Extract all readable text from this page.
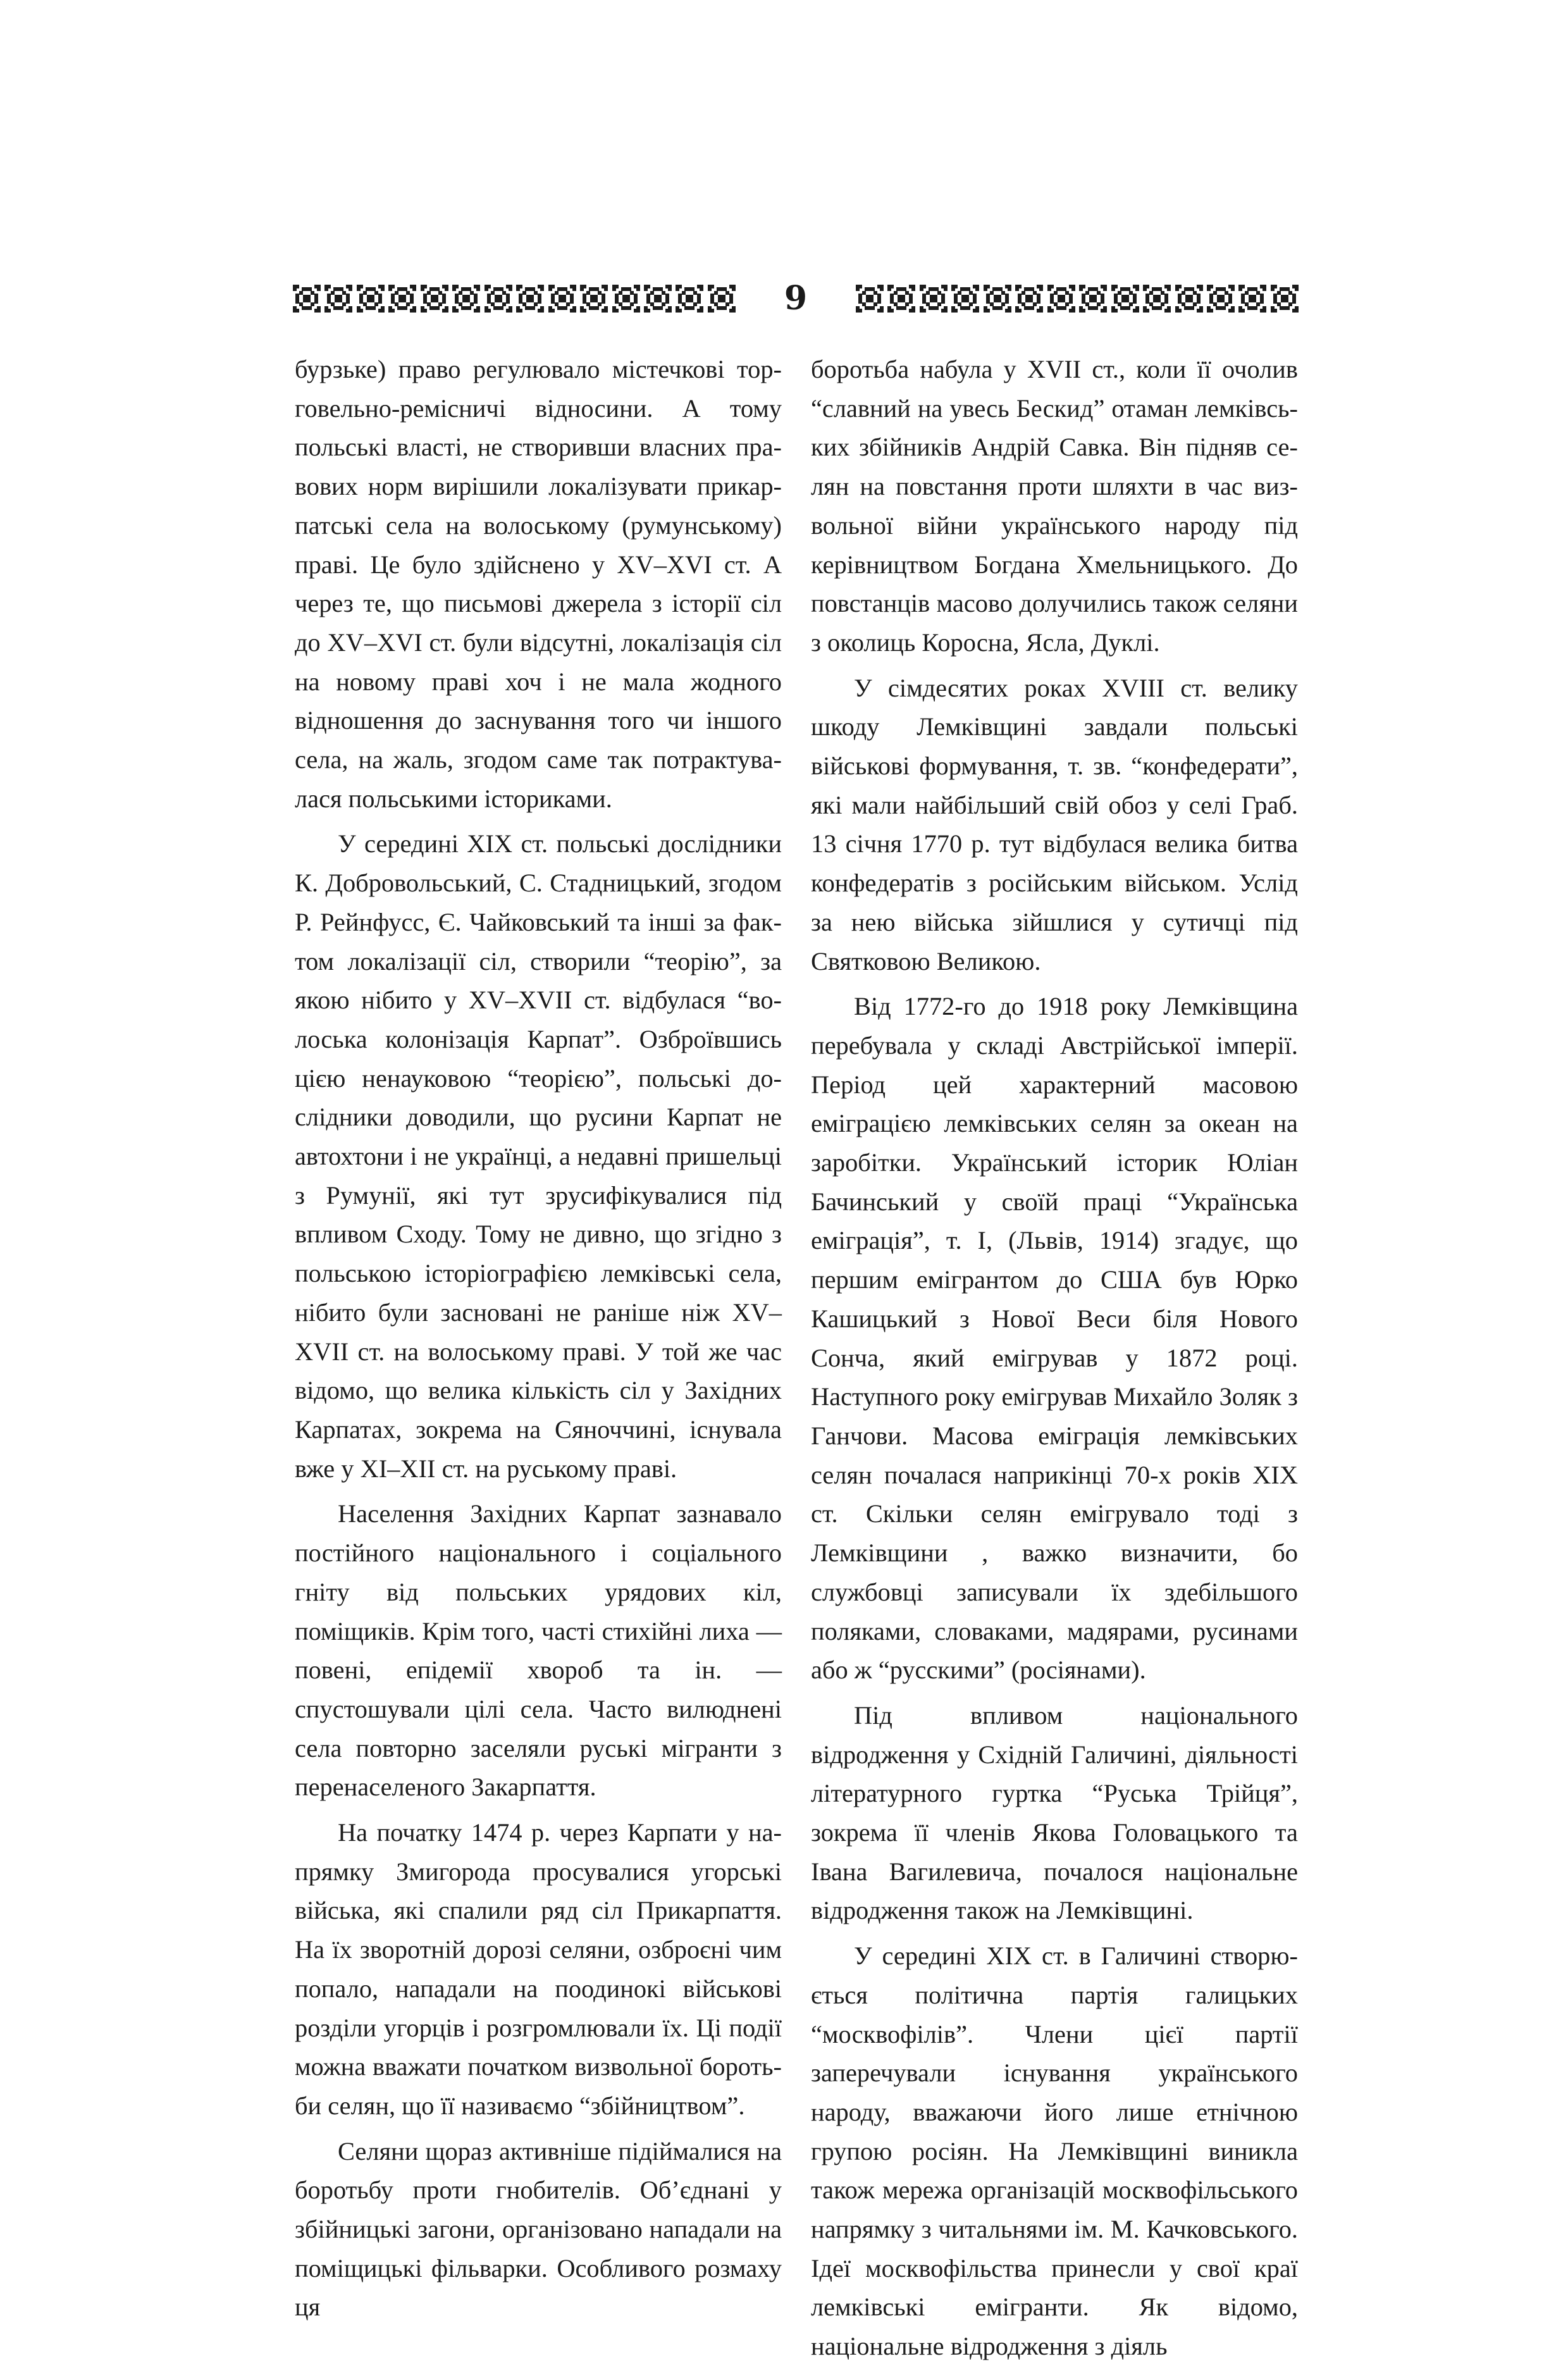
9

бурзьке) право регулювало містечкові торговельно-ремісничі відносини. А тому польські власті, не створивши власних правових норм вирішили локалізувати прикарпатські села на волоському (румунському) праві. Це було здійснено у XV–XVI ст. А через те, що письмові джерела з історії сіл до XV–XVI ст. були відсутні, локалізація сіл на новому праві хоч і не мала жодного відношення до заснування того чи іншого села, на жаль, згодом саме так потрактувалася польськими істориками.

У середині XIX ст. польські дослідники К. Добровольський, С. Стадницький, згодом Р. Рейнфусс, Є. Чайковський та інші за фактом локалізації сіл, створили “теорію”, за якою нібито у XV–XVII ст. відбулася “волоська колонізація Карпат”. Озброївшись цією ненауковою “теорією”, польські дослідники доводили, що русини Карпат не автохтони і не українці, а недавні пришельці з Румунії, які тут зрусифікувалися під впливом Сходу. Тому не дивно, що згідно з польською історіографією лемківські села, нібито були засновані не раніше ніж XV–XVII ст. на волоському праві. У той же час відомо, що велика кількість сіл у Західних Карпатах, зокрема на Сяноччині, існувала вже у XI–XII ст. на руському праві.

Населення Західних Карпат зазнавало постійного національного і соціального гніту від польських урядових кіл, поміщиків. Крім того, часті стихійні лиха — повені, епідемії хвороб та ін. — спустошували цілі села. Часто вилюднені села повторно заселяли руські мігранти з перенаселеного Закарпаття.

На початку 1474 р. через Карпати у напрямку Змигорода просувалися угорські війська, які спалили ряд сіл Прикарпаття. На їх зворотній дорозі селяни, озброєні чим попало, нападали на поодинокі військові розділи угорців і розгромлювали їх. Ці події можна вважати початком визвольної боротьби селян, що її називаємо “збійництвом”.

Селяни щораз активніше підіймалися на боротьбу проти гнобителів. Об’єднані у збійницькі загони, організовано нападали на поміщицькі фільварки. Особливого розмаху ця

боротьба набула у XVII ст., коли її очолив “славний на увесь Бескид” отаман лемківських збійників Андрій Савка. Він підняв селян на повстання проти шляхти в час визвольної війни українського народу під керівництвом Богдана Хмельницького. До повстанців масово долучились також селяни з околиць Коросна, Ясла, Дуклі.

У сімдесятих роках XVIII ст. велику шкоду Лемківщині завдали польські військові формування, т. зв. “конфедерати”, які мали найбільший свій обоз у селі Граб. 13 січня 1770 р. тут відбулася велика битва конфедератів з російським військом. Услід за нею війська зійшлися у сутичці під Святковою Великою.

Від 1772-го до 1918 року Лемківщина перебувала у складі Австрійської імперії. Період цей характерний масовою еміграцією лемківських селян за океан на заробітки. Український історик Юліан Бачинський у своїй праці “Українська еміграція”, т. I, (Львів, 1914) згадує, що першим емігрантом до США був Юрко Кашицький з Нової Веси біля Нового Сонча, який емігрував у 1872 році. Наступного року емігрував Михайло Золяк з Ганчови. Масова еміграція лемківських селян почалася наприкінці 70-х років XIX ст. Скільки селян емігрувало тоді з Лемківщини , важко визначити, бо службовці записували їх здебільшого поляками, словаками, мадярами, русинами або ж “русскими” (росіянами).

Під впливом національного відродження у Східній Галичині, діяльності літературного гуртка “Руська Трійця”, зокрема її членів Якова Головацького та Івана Вагилевича, почалося національне відродження також на Лемківщині.

У середині XIX ст. в Галичині створюється політична партія галицьких “москвофілів”. Члени цієї партії заперечували існування українського народу, вважаючи його лише етнічною групою росіян. На Лемківщині виникла також мережа організацій москвофільського напрямку з читальнями ім. М. Качковського. Ідеї москвофільства принесли у свої краї лемківські емігранти. Як відомо, національне відродження з діяль
